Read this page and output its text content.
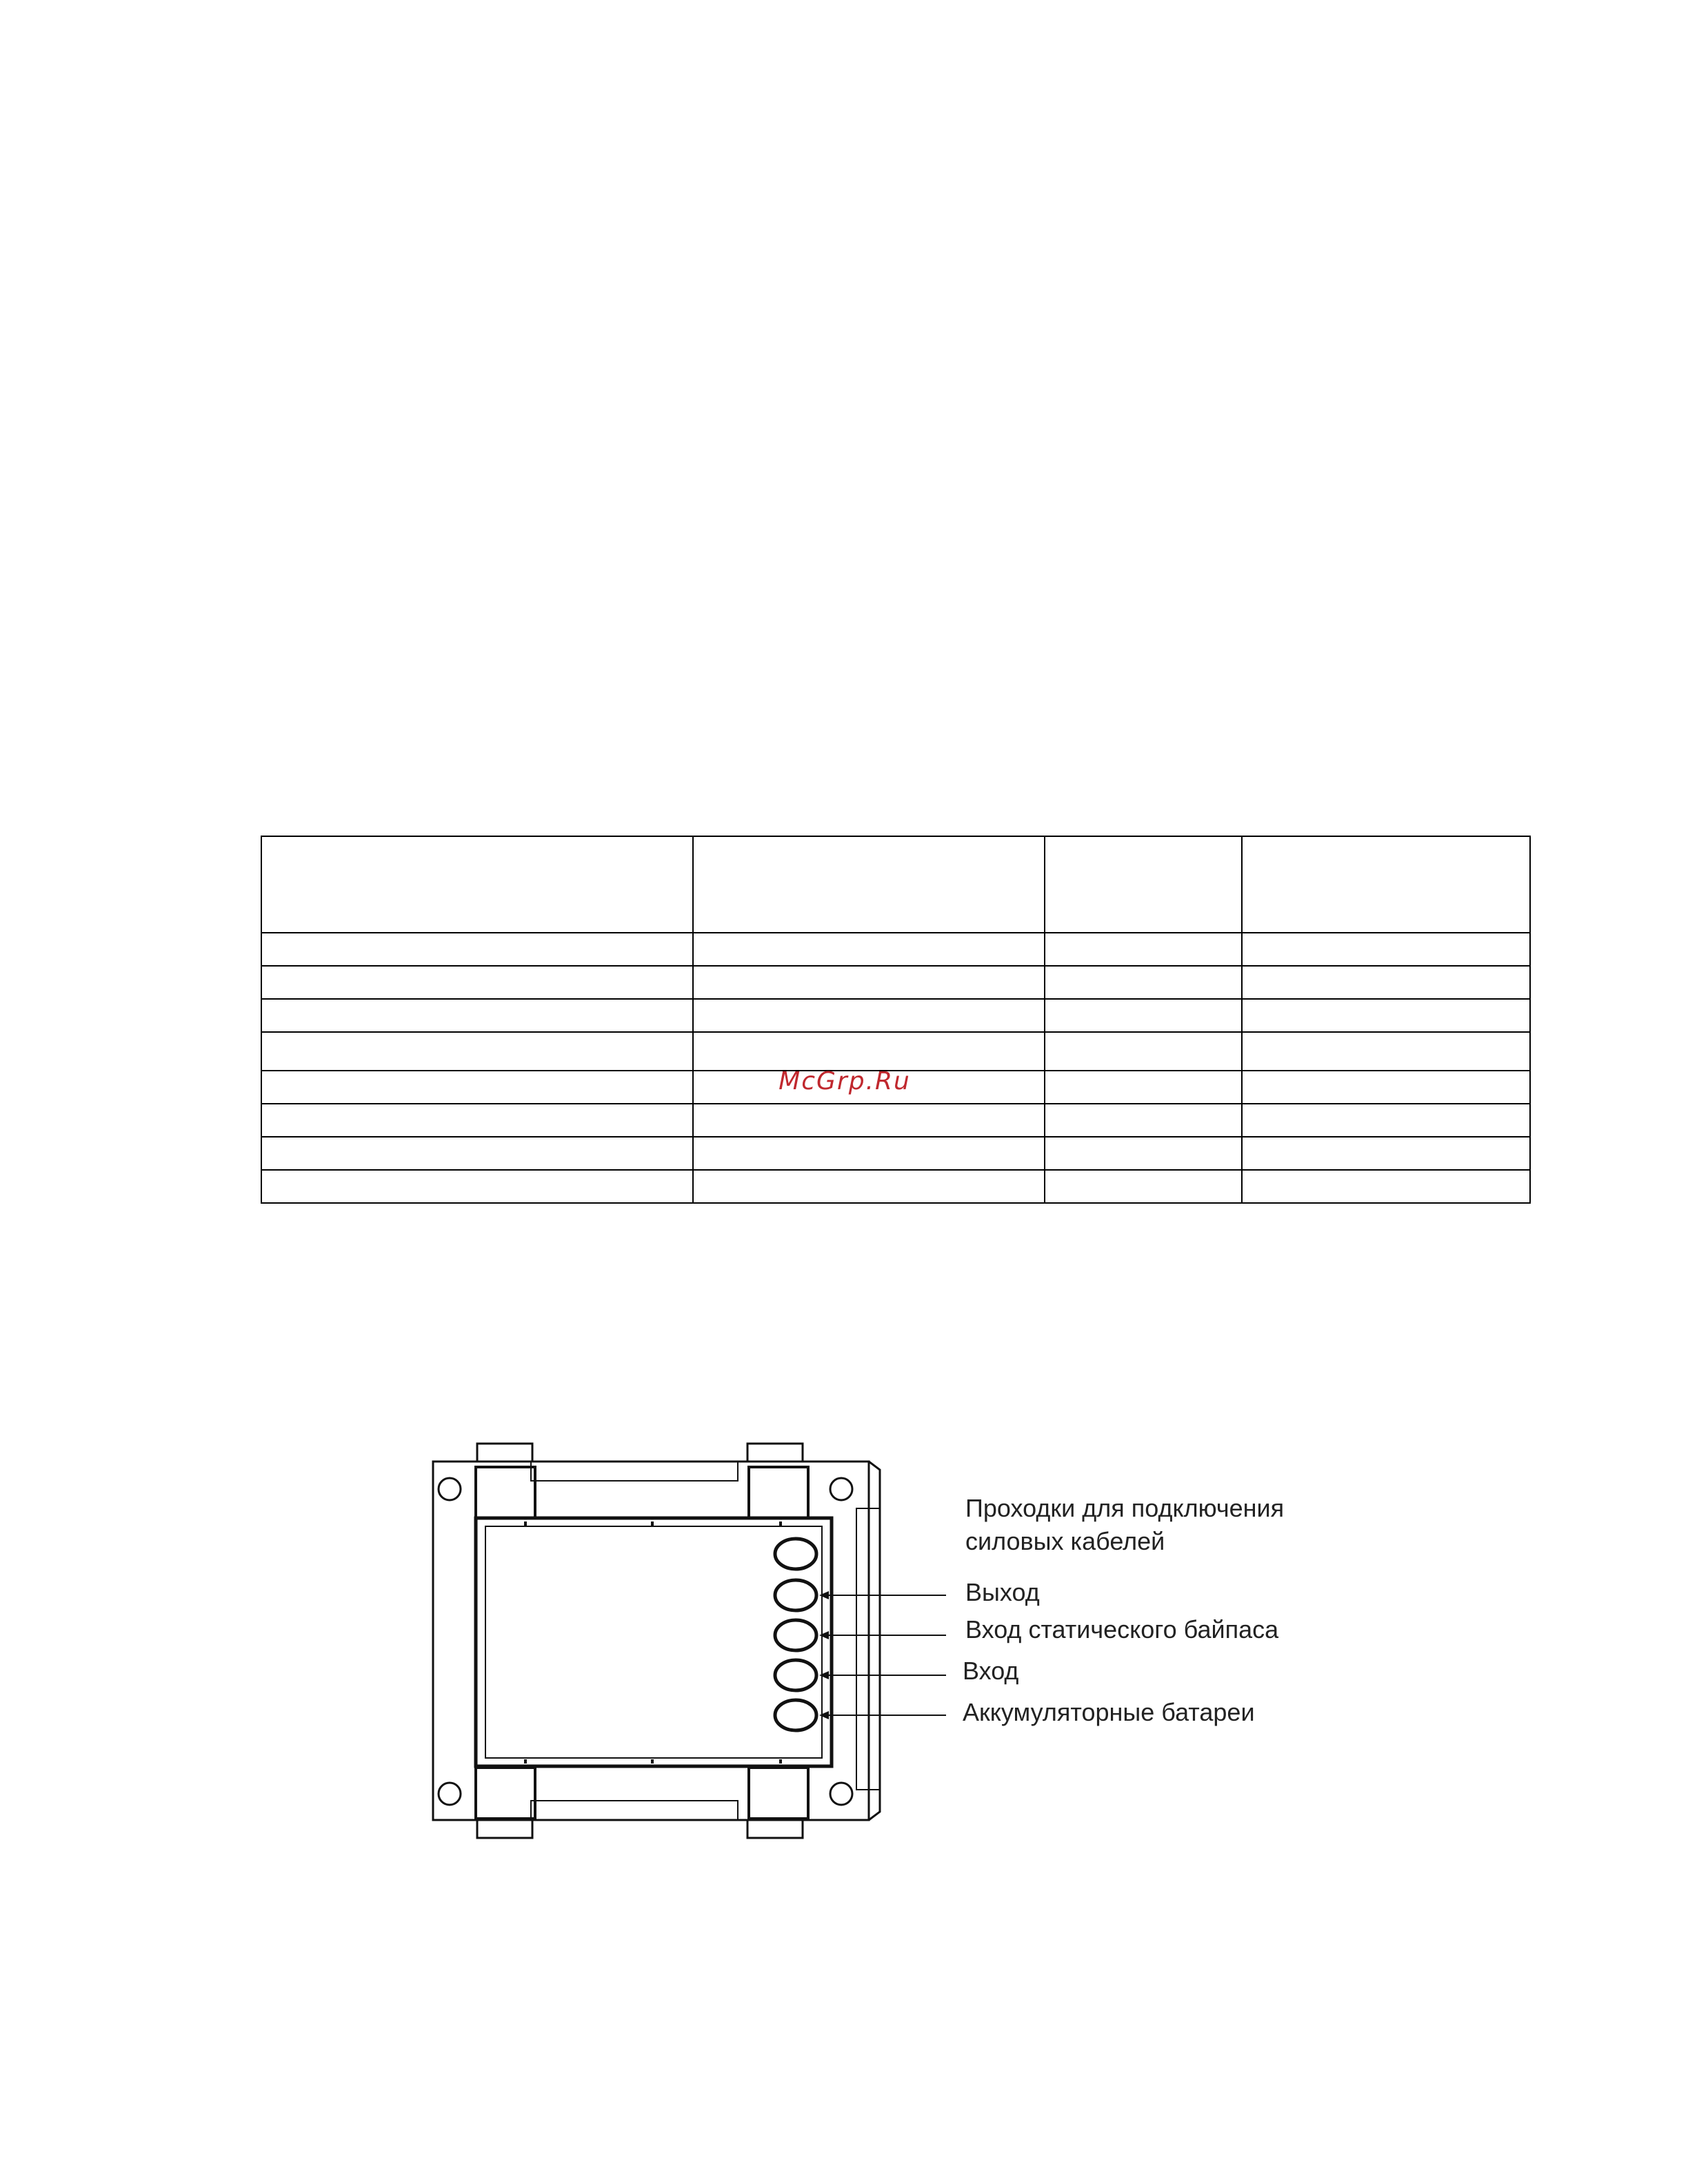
McGrp.Ru
Проходки для подключения
силовых кабелей
Выход
Вход статического байпаса
Вход
Аккумуляторные батареи
